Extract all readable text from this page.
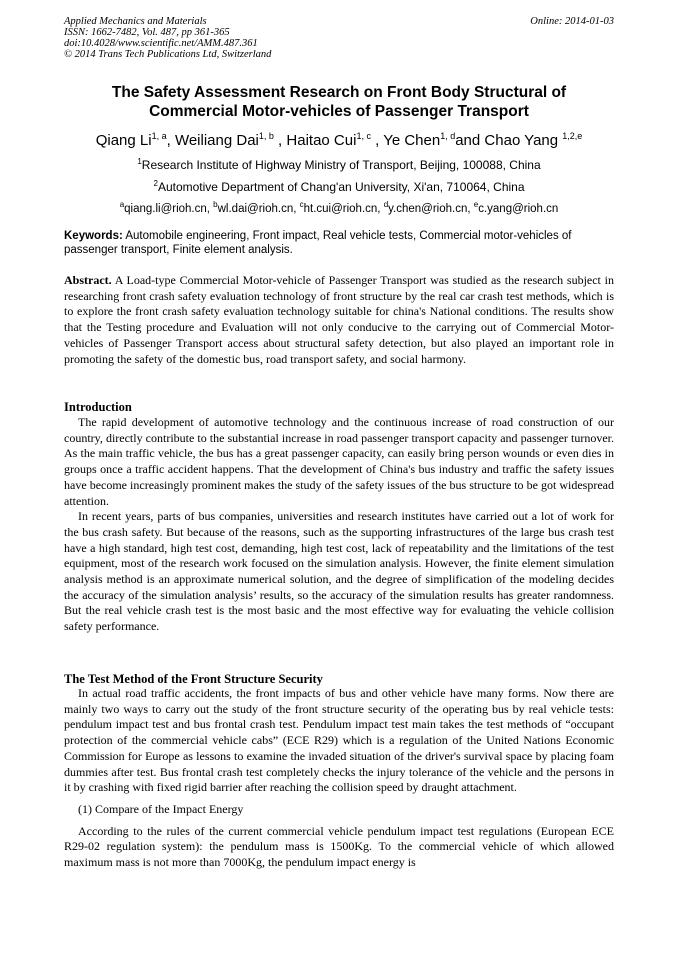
Applied Mechanics and Materials
ISSN: 1662-7482, Vol. 487, pp 361-365
doi:10.4028/www.scientific.net/AMM.487.361
© 2014 Trans Tech Publications Ltd, Switzerland
Online: 2014-01-03
The Safety Assessment Research on Front Body Structural of
Commercial Motor-vehicles of Passenger Transport
Qiang Li$^{1, a}$, Weiliang Dai$^{1, b}$ , Haitao Cui$^{1, c}$ , Ye Chen$^{1, d}$and Chao Yang $^{1,2,e}$
$^1$Research Institute of Highway Ministry of Transport, Beijing, 100088, China
$^2$Automotive Department of Chang'an University, Xi'an, 710064, China
$^a$qiang.li@rioh.cn, $^b$wl.dai@rioh.cn, $^c$ht.cui@rioh.cn, $^d$y.chen@rioh.cn, $^e$c.yang@rioh.cn
Keywords: Automobile engineering, Front impact, Real vehicle tests, Commercial motor-vehicles of passenger transport, Finite element analysis.
Abstract. A Load-type Commercial Motor-vehicle of Passenger Transport was studied as the research subject in researching front crash safety evaluation technology of front structure by the real car crash test methods, which is to explore the front crash safety evaluation technology suitable for china's National conditions. The results show that the Testing procedure and Evaluation will not only conducive to the carrying out of Commercial Motor-vehicles of Passenger Transport access about structural safety detection, but also played an important role in promoting the safety of the domestic bus, road transport safety, and social harmony.
Introduction

The rapid development of automotive technology and the continuous increase of road construction of our country, directly contribute to the substantial increase in road passenger transport capacity and passenger turnover. As the main traffic vehicle, the bus has a great passenger capacity, can easily bring person wounds or even dies in groups once a traffic accident happens. That the development of China's bus industry and traffic the safety issues have become increasingly prominent makes the study of the safety issues of the bus structure to be got widespread attention.

In recent years, parts of bus companies, universities and research institutes have carried out a lot of work for the bus crash safety. But because of the reasons, such as the supporting infrastructures of the large bus crash test have a high standard, high test cost, demanding, high test cost, lack of repeatability and the limitations of the test equipment, most of the research work focused on the simulation analysis. However, the finite element simulation analysis method is an approximate numerical solution, and the degree of simplification of the modeling decides the accuracy of the simulation analysis’ results, so the accuracy of the simulation results has greater randomness. But the real vehicle crash test is the most basic and the most effective way for evaluating the vehicle collision safety performance.

The Test Method of the Front Structure Security

In actual road traffic accidents, the front impacts of bus and other vehicle have many forms. Now there are mainly two ways to carry out the study of the front structure security of the operating bus by real vehicle tests: pendulum impact test and bus frontal crash test. Pendulum impact test main takes the test methods of “occupant protection of the commercial vehicle cabs” (ECE R29) which is a regulation of the United Nations Economic Commission for Europe as lessons to examine the invaded situation of the driver's survival space by placing foam dummies after test. Bus frontal crash test completely checks the injury tolerance of the vehicle and the persons in it by crashing with fixed rigid barrier after reaching the collision speed by draught attachment.

(1) Compare of the Impact Energy

According to the rules of the current commercial vehicle pendulum impact test regulations (European ECE R29-02 regulation system): the pendulum mass is 1500Kg. To the commercial vehicle of which allowed maximum mass is not more than 7000Kg, the pendulum impact energy is
